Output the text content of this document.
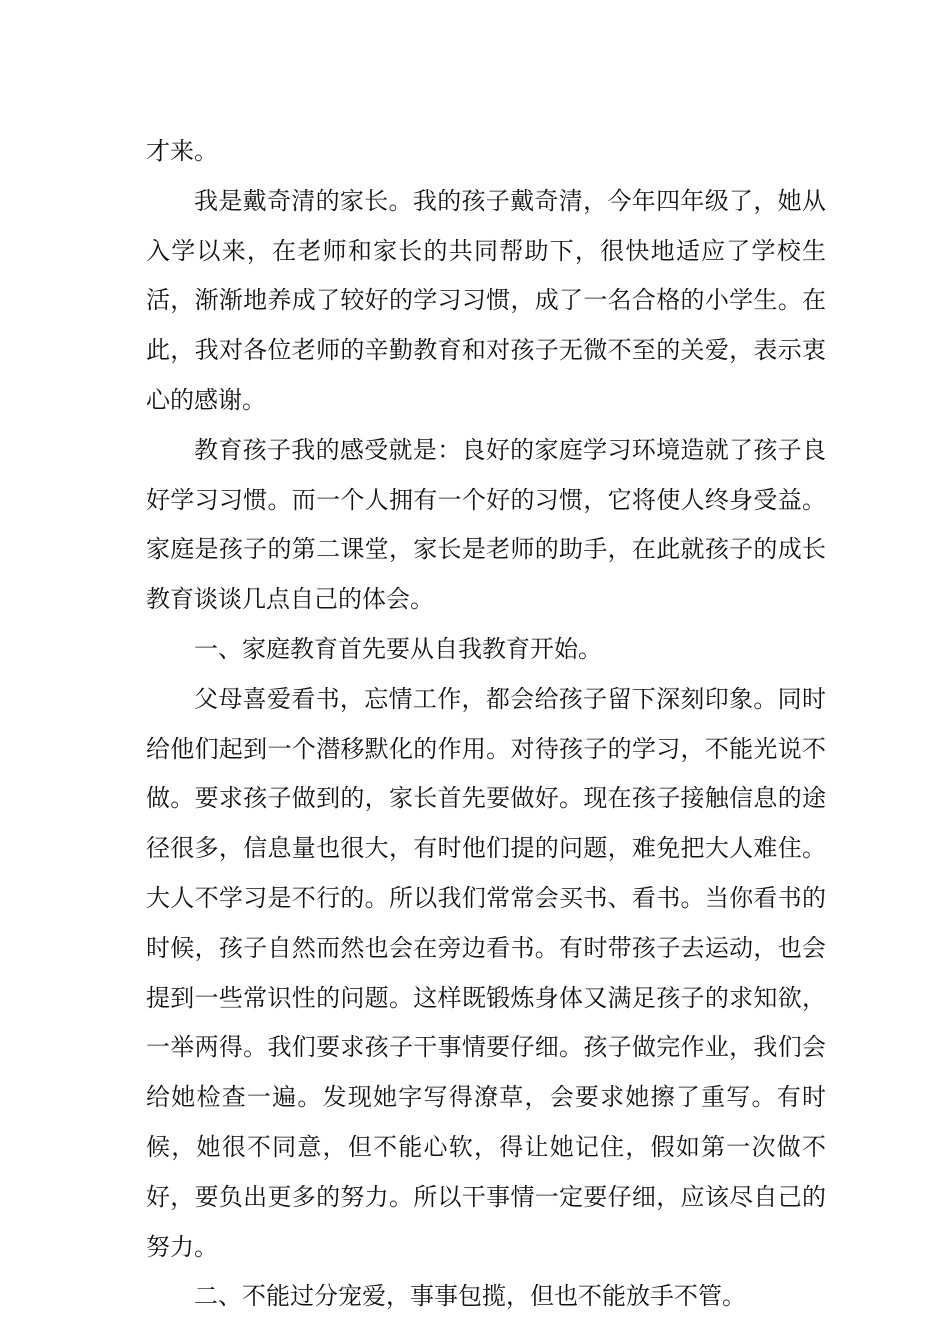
才来。

我是戴奇清的家长。我的孩子戴奇清，今年四年级了，她从入学以来，在老师和家长的共同帮助下，很快地适应了学校生活，渐渐地养成了较好的学习习惯，成了一名合格的小学生。在此，我对各位老师的辛勤教育和对孩子无微不至的关爱，表示衷心的感谢。

教育孩子我的感受就是：良好的家庭学习环境造就了孩子良好学习习惯。而一个人拥有一个好的习惯，它将使人终身受益。家庭是孩子的第二课堂，家长是老师的助手，在此就孩子的成长教育谈谈几点自己的体会。

一、家庭教育首先要从自我教育开始。

父母喜爱看书，忘情工作，都会给孩子留下深刻印象。同时给他们起到一个潜移默化的作用。对待孩子的学习，不能光说不做。要求孩子做到的，家长首先要做好。现在孩子接触信息的途径很多，信息量也很大，有时他们提的问题，难免把大人难住。大人不学习是不行的。所以我们常常会买书、看书。当你看书的时候，孩子自然而然也会在旁边看书。有时带孩子去运动，也会提到一些常识性的问题。这样既锻炼身体又满足孩子的求知欲，一举两得。我们要求孩子干事情要仔细。孩子做完作业，我们会给她检查一遍。发现她字写得潦草，会要求她擦了重写。有时候，她很不同意，但不能心软，得让她记住，假如第一次做不好，要负出更多的努力。所以干事情一定要仔细，应该尽自己的努力。

二、不能过分宠爱，事事包揽，但也不能放手不管。
